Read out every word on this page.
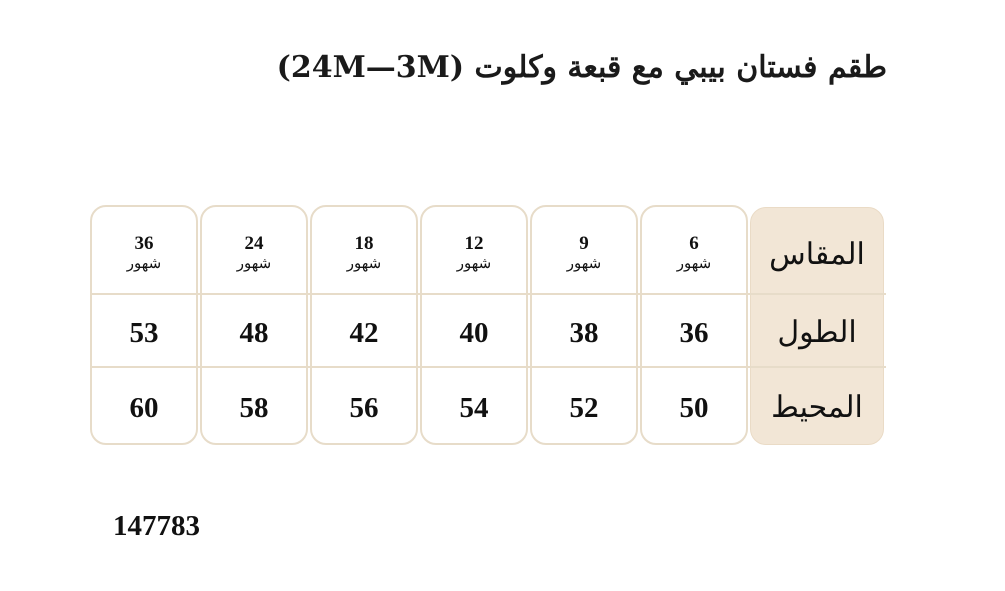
طقم فستان بيبي مع قبعة وكلوت (24M—3M)
المقاس
الطول
المحيط
6
شهور
36
50
9
شهور
38
52
12
شهور
40
54
18
شهور
42
56
24
شهور
48
58
36
شهور
53
60
147783
